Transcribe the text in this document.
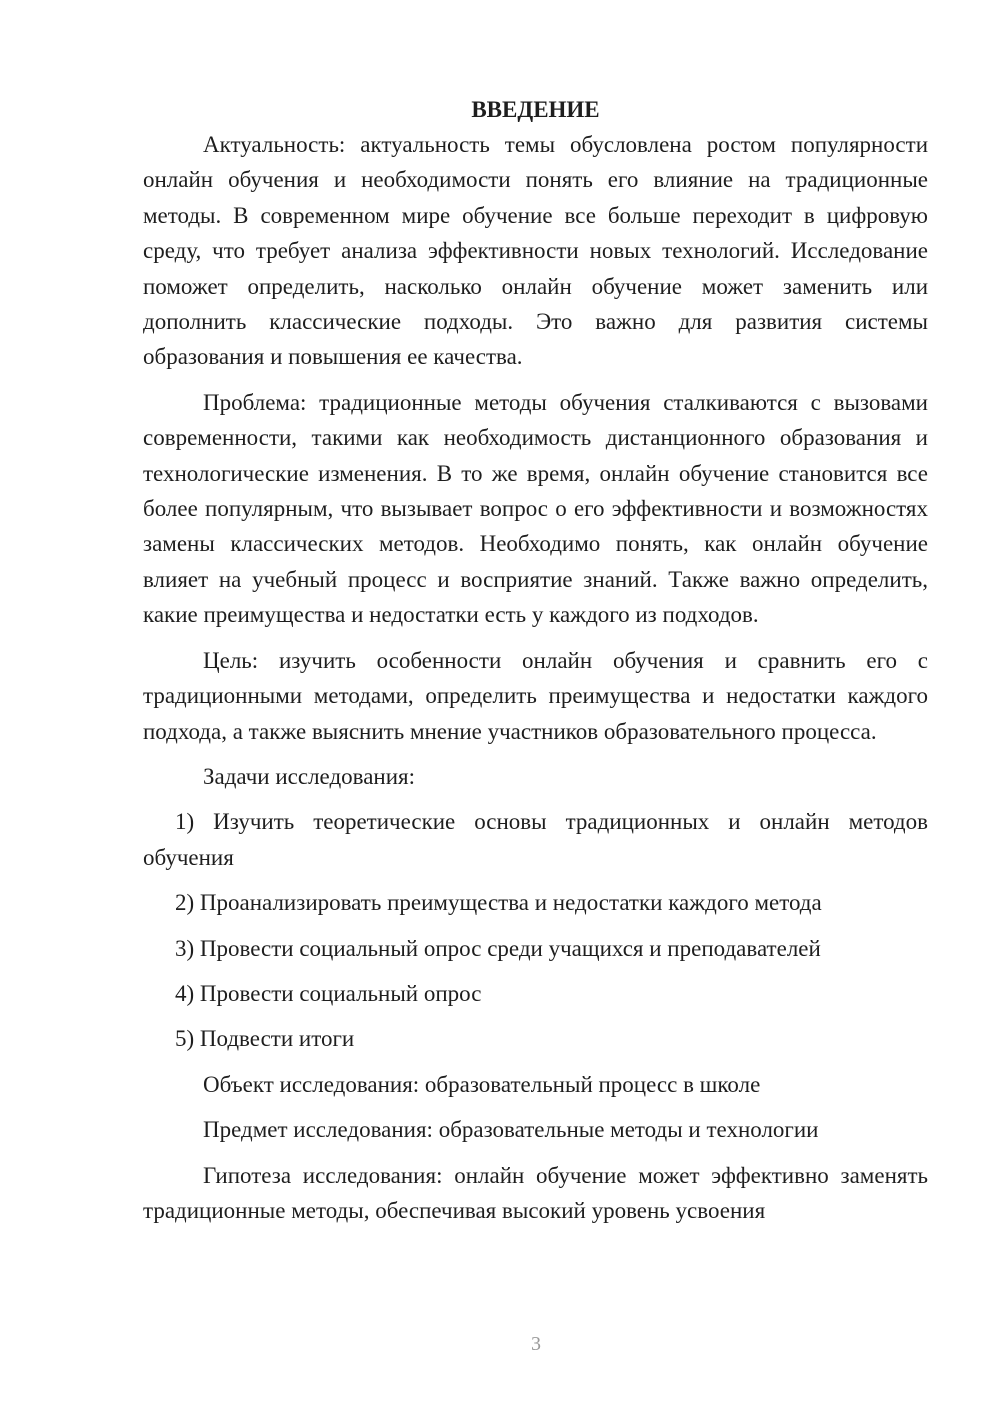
ВВЕДЕНИЕ

Актуальность: актуальность темы обусловлена ростом популярности онлайн обучения и необходимости понять его влияние на традиционные методы. В современном мире обучение все больше переходит в цифровую среду, что требует анализа эффективности новых технологий. Исследование поможет определить, насколько онлайн обучение может заменить или дополнить классические подходы. Это важно для развития системы образования и повышения ее качества.

Проблема: традиционные методы обучения сталкиваются с вызовами современности, такими как необходимость дистанционного образования и технологические изменения. В то же время, онлайн обучение становится все более популярным, что вызывает вопрос о его эффективности и возможностях замены классических методов. Необходимо понять, как онлайн обучение влияет на учебный процесс и восприятие знаний. Также важно определить, какие преимущества и недостатки есть у каждого из подходов.

Цель: изучить особенности онлайн обучения и сравнить его с традиционными методами, определить преимущества и недостатки каждого подхода, а также выяснить мнение участников образовательного процесса.

Задачи исследования:

1) Изучить теоретические основы традиционных и онлайн методов обучения

2) Проанализировать преимущества и недостатки каждого метода

3) Провести социальный опрос среди учащихся и преподавателей

4) Провести социальный опрос

5) Подвести итоги

Объект исследования: образовательный процесс в школе

Предмет исследования: образовательные методы и технологии

Гипотеза исследования: онлайн обучение может эффективно заменять традиционные методы, обеспечивая высокий уровень усвоения

3
